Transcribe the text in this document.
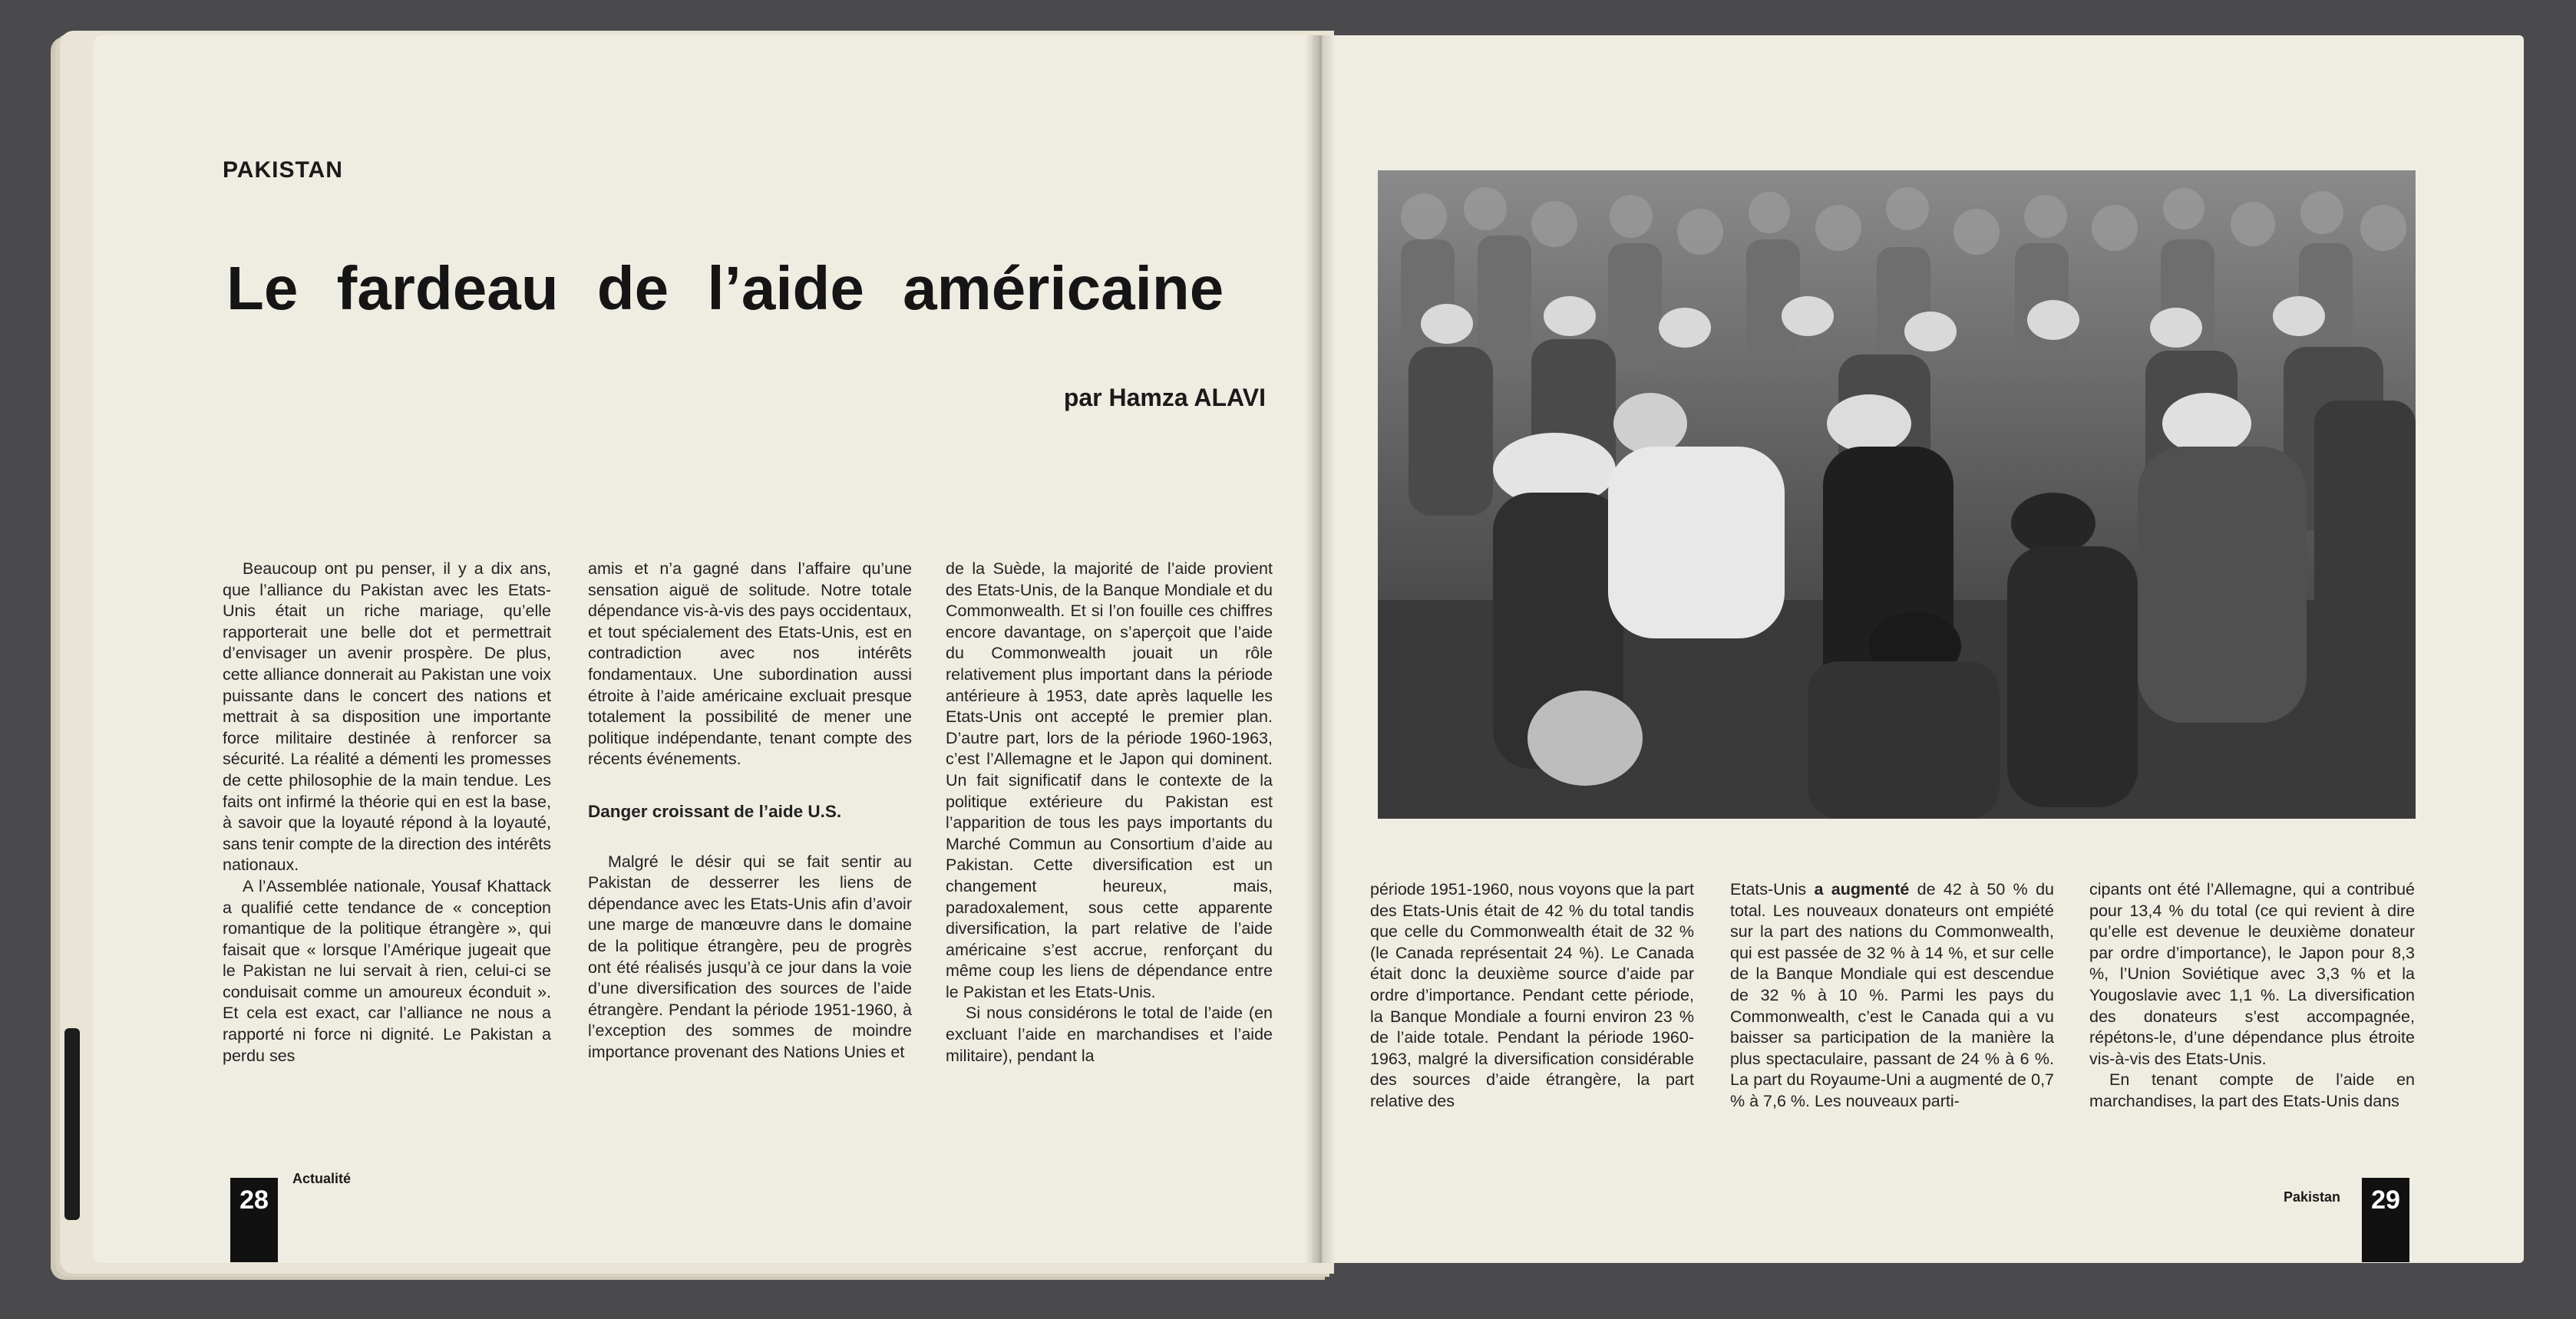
PAKISTAN
Le fardeau de l’aide américaine
par Hamza ALAVI

Beaucoup ont pu penser, il y a dix ans, que l’alliance du Pakistan avec les Etats-Unis était un riche mariage, qu’elle rapporterait une belle dot et permettrait d’envisager un avenir prospère. De plus, cette alliance donnerait au Pakistan une voix puissante dans le concert des nations et mettrait à sa disposition une importante force militaire destinée à renforcer sa sécurité. La réalité a démenti les promesses de cette philosophie de la main tendue. Les faits ont infirmé la théorie qui en est la base, à savoir que la loyauté répond à la loyauté, sans tenir compte de la direction des intérêts nationaux.

A l’Assemblée nationale, Yousaf Khattack a qualifié cette tendance de « conception romantique de la politique étrangère », qui faisait que « lorsque l’Amérique jugeait que le Pakistan ne lui servait à rien, celui-ci se conduisait comme un amoureux éconduit ». Et cela est exact, car l’alliance ne nous a rapporté ni force ni dignité. Le Pakistan a perdu ses

amis et n’a gagné dans l’affaire qu’une sensation aiguë de solitude. Notre totale dépendance vis-à-vis des pays occidentaux, et tout spécialement des Etats-Unis, est en contradiction avec nos intérêts fondamentaux. Une subordination aussi étroite à l’aide américaine excluait presque totalement la possibilité de mener une politique indépendante, tenant compte des récents événements.

Danger croissant de l’aide U.S.

Malgré le désir qui se fait sentir au Pakistan de desserrer les liens de dépendance avec les Etats-Unis afin d’avoir une marge de manœuvre dans le domaine de la politique étrangère, peu de progrès ont été réalisés jusqu’à ce jour dans la voie d’une diversification des sources de l’aide étrangère. Pendant la période 1951-1960, à l’exception des sommes de moindre importance provenant des Nations Unies et

de la Suède, la majorité de l’aide provient des Etats-Unis, de la Banque Mondiale et du Commonwealth. Et si l’on fouille ces chiffres encore davantage, on s’aperçoit que l’aide du Commonwealth jouait un rôle relativement plus important dans la période antérieure à 1953, date après laquelle les Etats-Unis ont accepté le premier plan. D’autre part, lors de la période 1960-1963, c’est l’Allemagne et le Japon qui dominent. Un fait significatif dans le contexte de la politique extérieure du Pakistan est l’apparition de tous les pays importants du Marché Commun au Consortium d’aide au Pakistan. Cette diversification est un changement heureux, mais, paradoxalement, sous cette apparente diversification, la part relative de l’aide américaine s’est accrue, renforçant du même coup les liens de dépendance entre le Pakistan et les Etats-Unis.

Si nous considérons le total de l’aide (en excluant l’aide en marchandises et l’aide militaire), pendant la

28
Actualité

période 1951-1960, nous voyons que la part des Etats-Unis était de 42 % du total tandis que celle du Commonwealth était de 32 % (le Canada représentait 24 %). Le Canada était donc la deuxième source d’aide par ordre d’importance. Pendant cette période, la Banque Mondiale a fourni environ 23 % de l’aide totale. Pendant la période 1960-1963, malgré la diversification considérable des sources d’aide étrangère, la part relative des

Etats-Unis a augmenté de 42 à 50 % du total. Les nouveaux donateurs ont empiété sur la part des nations du Commonwealth, qui est passée de 32 % à 14 %, et sur celle de la Banque Mondiale qui est descendue de 32 % à 10 %. Parmi les pays du Commonwealth, c’est le Canada qui a vu baisser sa participation de la manière la plus spectaculaire, passant de 24 % à 6 %. La part du Royaume-Uni a augmenté de 0,7 % à 7,6 %. Les nouveaux parti-

cipants ont été l’Allemagne, qui a contribué pour 13,4 % du total (ce qui revient à dire qu’elle est devenue le deuxième donateur par ordre d’importance), le Japon pour 8,3 %, l’Union Soviétique avec 3,3 % et la Yougoslavie avec 1,1 %. La diversification des donateurs s’est accompagnée, répétons-le, d’une dépendance plus étroite vis-à-vis des Etats-Unis.

En tenant compte de l’aide en marchandises, la part des Etats-Unis dans

Pakistan	29
